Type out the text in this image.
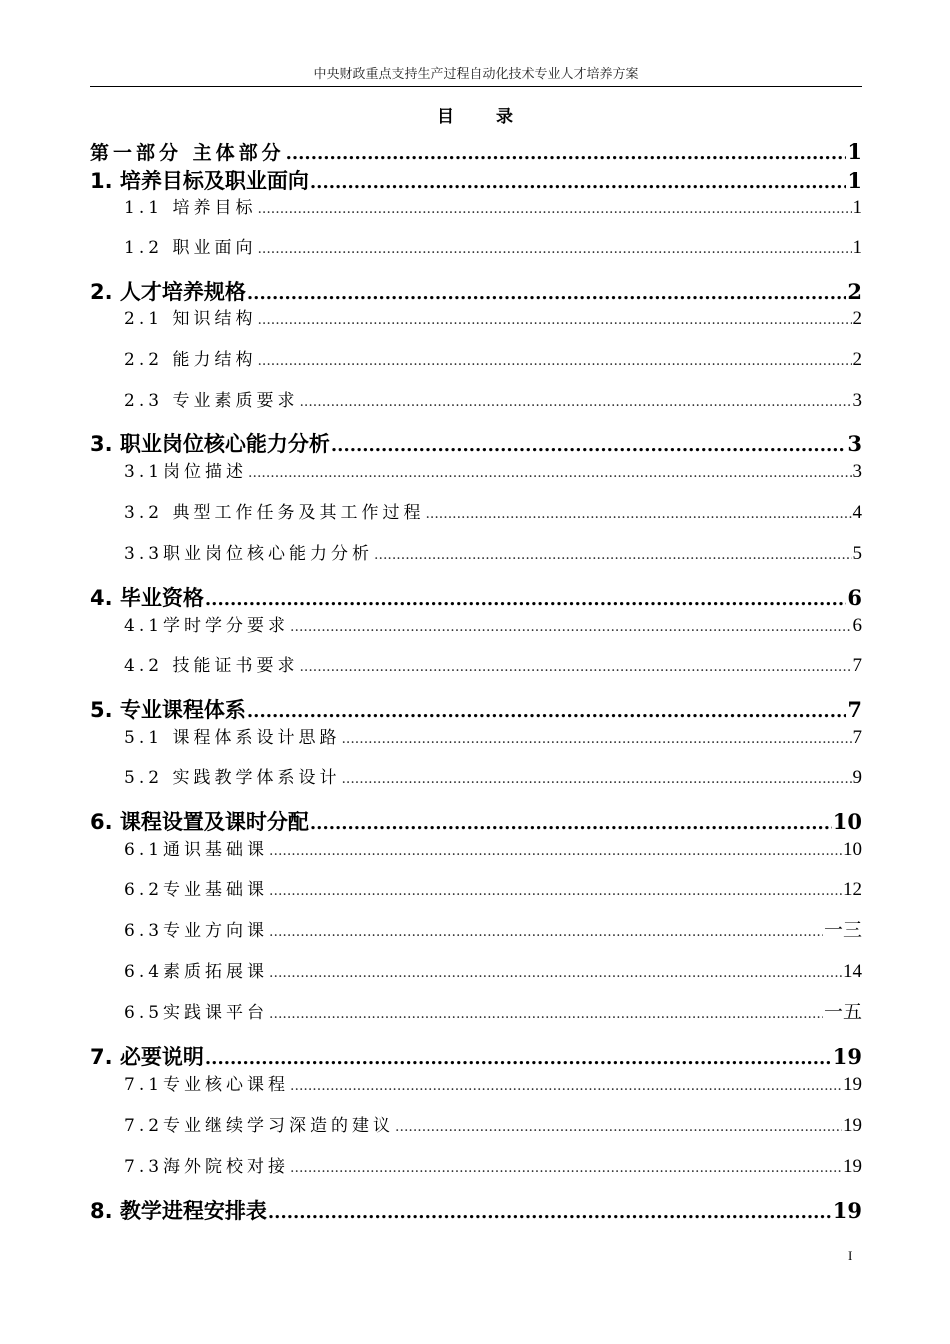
中央财政重点支持生产过程自动化技术专业人才培养方案
目 录
第一部分 主体部分 .....	1
1. 培养目标及职业面向 .....	1
1.1 培养目标 .....	1
1.2 职业面向 .....	1
2. 人才培养规格 .....	2
2.1 知识结构 .....	2
2.2 能力结构 .....	2
2.3 专业素质要求 .....	3
3. 职业岗位核心能力分析 .....	3
3.1岗位描述 .....	3
3.2 典型工作任务及其工作过程 .....	4
3.3职业岗位核心能力分析 .....	5
4. 毕业资格 .....	6
4.1学时学分要求 .....	6
4.2 技能证书要求 .....	7
5. 专业课程体系 .....	7
5.1 课程体系设计思路 .....	7
5.2 实践教学体系设计 .....	9
6. 课程设置及课时分配 .....	10
6.1通识基础课 .....	10
6.2专业基础课 .....	12
6.3专业方向课 .....	一三
6.4素质拓展课 .....	14
6.5实践课平台 .....	一五
7. 必要说明 .....	19
7.1专业核心课程 .....	19
7.2专业继续学习深造的建议 .....	19
7.3海外院校对接 .....	19
8. 教学进程安排表 .....	19
I
